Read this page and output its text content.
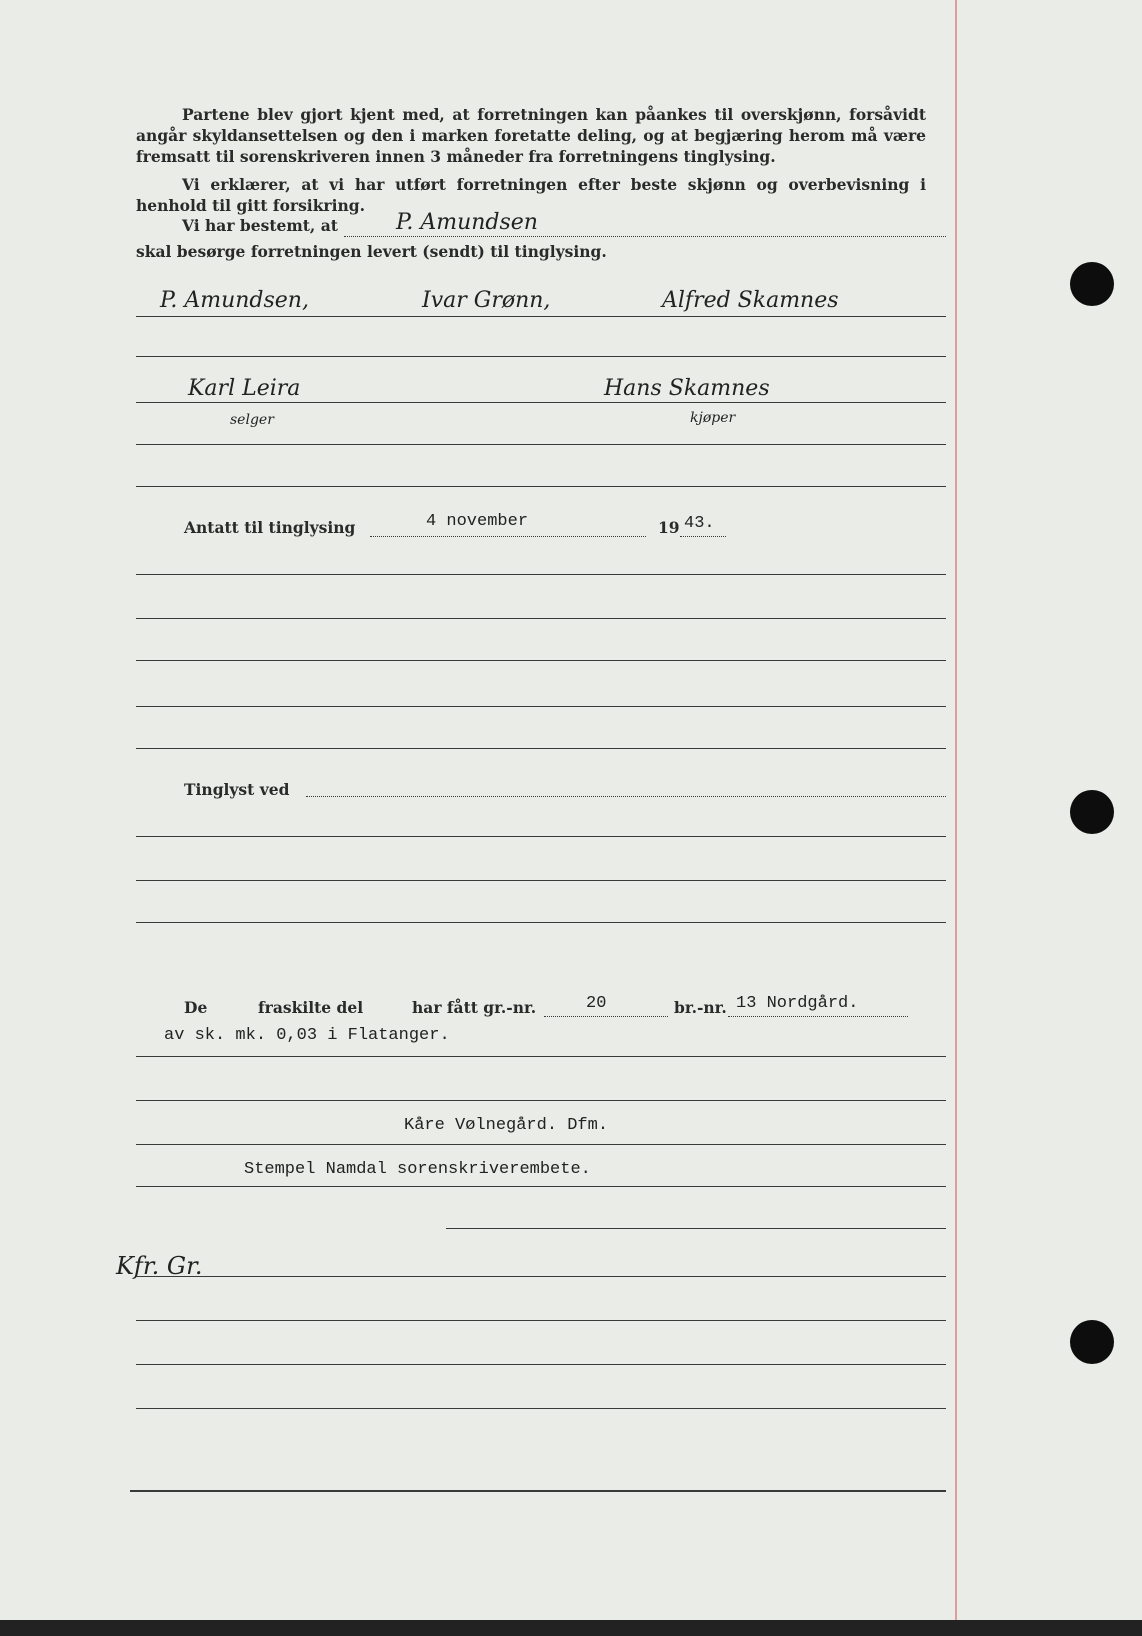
Partene blev gjort kjent med, at forretningen kan påankes til overskjønn, forsåvidt angår skyldansettelsen og den i marken foretatte deling, og at begjæring herom må være fremsatt til sorenskriveren innen 3 måneder fra forretningens tinglysing.
Vi erklærer, at vi har utført forretningen efter beste skjønn og overbevisning i henhold til gitt forsikring.
Vi har bestemt, at	P. Amundsen
skal besørge forretningen levert (sendt) til tinglysing.
P. Amundsen,	Ivar Grønn,	Alfred Skamnes
Karl Leira
selger
Hans Skamnes
kjøper
Antatt til tinglysing	4 november	19 43.
Tinglyst ved
De	fraskilte del	har fått gr.-nr.	20	br.-nr. 13 Nordgård.
av sk. mk. 0,03 i Flatanger.
Kåre Vølnegård. Dfm.
Stempel Namdal sorenskriverembete.
Kfr. Gr.
